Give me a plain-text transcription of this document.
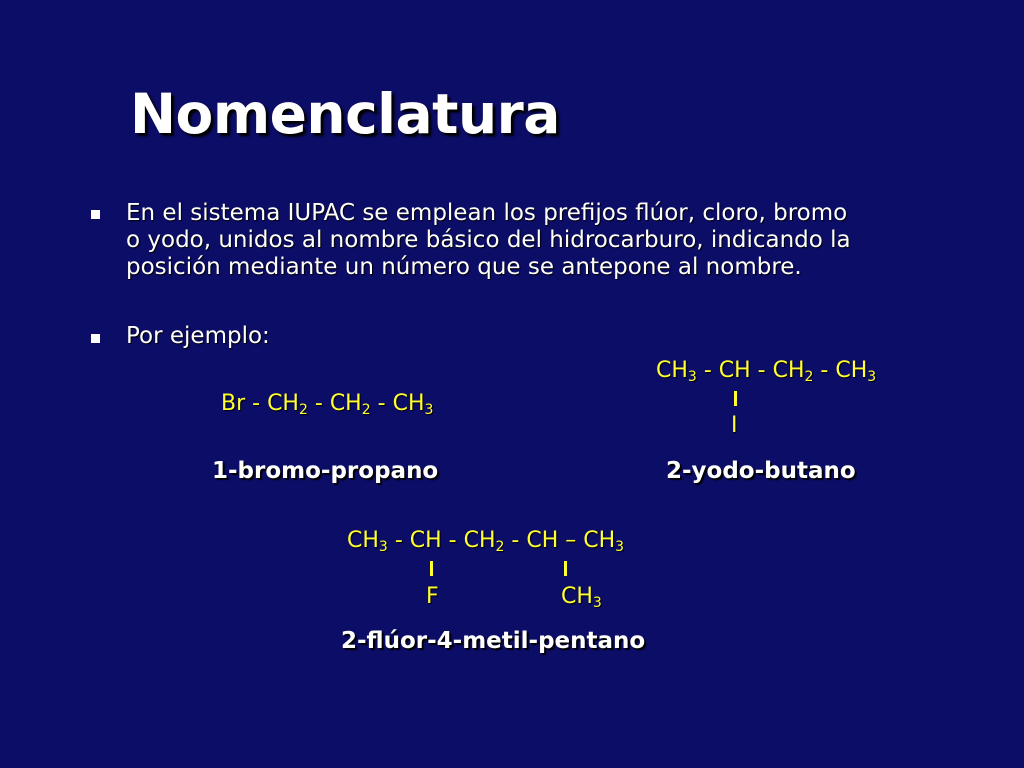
Nomenclatura
En el sistema IUPAC se emplean los prefijos flúor, cloro, bromo
o yodo, unidos al nombre básico del hidrocarburo, indicando la
posición mediante un número que se antepone al nombre.
Por ejemplo:
$CH_3$ - CH - $CH_2 - CH_3$
I
Br - $CH_2 - CH_2 - CH_3$
1-bromo-propano	2-yodo-butano
$CH_3$ - CH - $CH_2$ - CH – $CH_3$
F	$CH_3$
2-flúor-4-metil-pentano
